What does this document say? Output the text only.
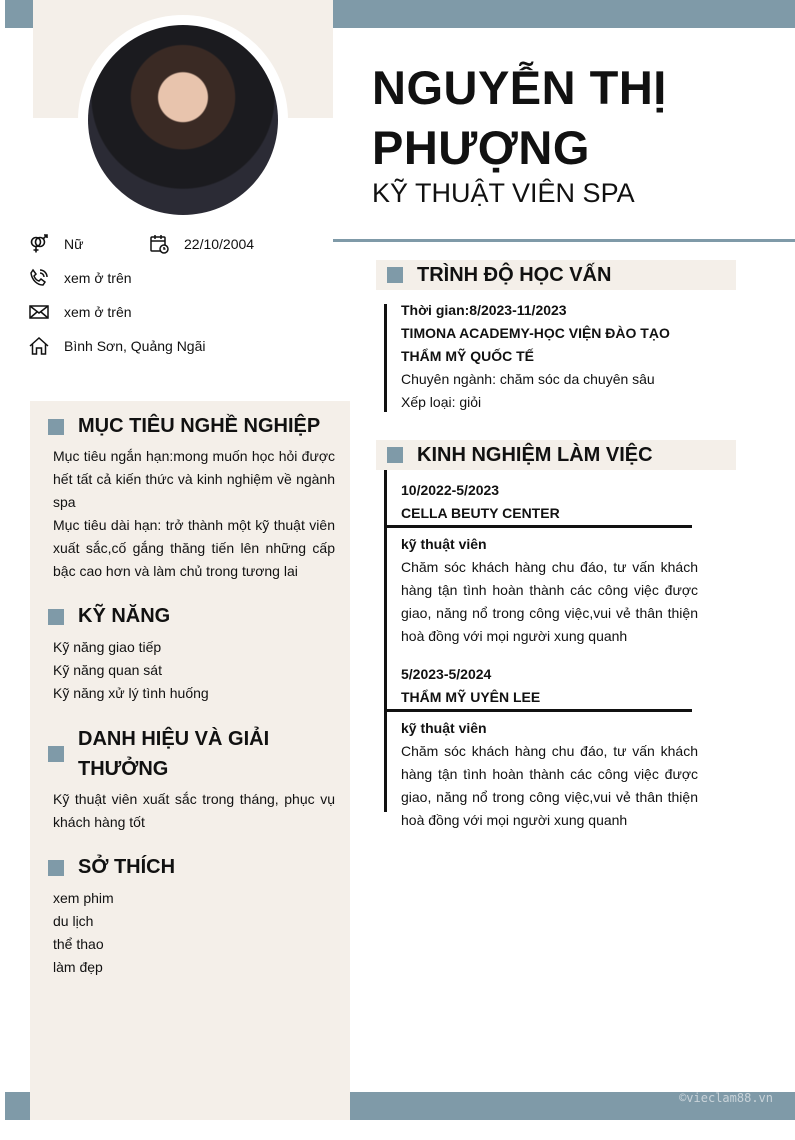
NGUYỄN THỊ
PHƯỢNG
KỸ THUẬT VIÊN SPA
Nữ	22/10/2004
xem ở trên
xem ở trên
Bình Sơn, Quảng Ngãi
©vieclam88.vn
MỤC TIÊU NGHỀ NGHIỆP
Mục tiêu ngắn hạn:mong muốn học hỏi được hết tất cả kiến thức và kinh nghiệm về ngành spa
Mục tiêu dài hạn: trở thành một kỹ thuật viên xuất sắc,cố gắng thăng tiến lên những cấp bậc cao hơn và làm chủ trong tương lai
KỸ NĂNG
Kỹ năng giao tiếp
Kỹ năng quan sát
Kỹ năng xử lý tình huống
DANH HIỆU VÀ GIẢI
THƯỞNG
Kỹ thuật viên xuất sắc trong tháng, phục vụ khách hàng tốt
SỞ THÍCH
xem phim
du lịch
thể thao
làm đẹp
TRÌNH ĐỘ HỌC VẤN
Thời gian:8/2023-11/2023
TIMONA ACADEMY-HỌC VIỆN ĐÀO TẠO THẨM MỸ QUỐC TẾ
Chuyên ngành: chăm sóc da chuyên sâu
Xếp loại: giỏi
KINH NGHIỆM LÀM VIỆC
10/2022-5/2023
CELLA BEUTY CENTER
kỹ thuật viên
Chăm sóc khách hàng chu đáo, tư vấn khách hàng tận tình hoàn thành các công việc được giao, năng nổ trong công việc,vui vẻ thân thiện hoà đồng với mọi người xung quanh
5/2023-5/2024
THẨM MỸ UYÊN LEE
kỹ thuật viên
Chăm sóc khách hàng chu đáo, tư vấn khách hàng tận tình hoàn thành các công việc được giao, năng nổ trong công việc,vui vẻ thân thiện hoà đồng với mọi người xung quanh
